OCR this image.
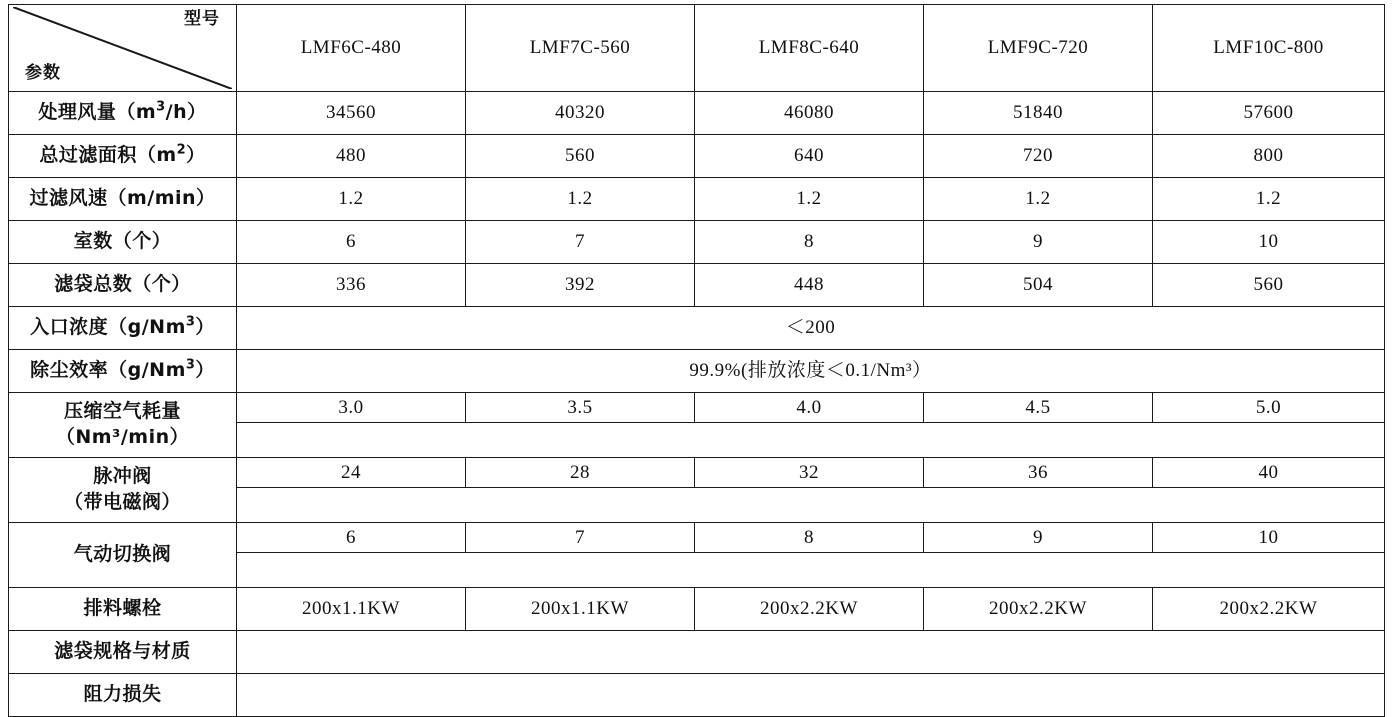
型号
参数	LMF6C-480	LMF7C-560	LMF8C-640	LMF9C-720	LMF10C-800
处理风量$(m^3/h)$	34560	40320	46080	51840	57600
总过滤面积$(m^2)$	480	560	640	720	800
过滤风速（m/min）	1.2	1.2	1.2	1.2	1.2
室数（个）	6	7	8	9	10
滤袋总数（个）	336	392	448	504	560
入口浓度$(g/Nm^3)$	＜200				
除尘效率（g/Nm$^3$）	99.9%(排放浓度＜0.1/Nm³）				

压缩空气耗量
（Nm³/min）	3.0	3.5	4.0	4.5	5.0

脉冲阀
（带电磁阀）	24	28	32	36	40

气动切换阀	6	7	8	9	10

排料螺栓	200x1.1KW	200x1.1KW	200x2.2KW	200x2.2KW	200x2.2KW
滤袋规格与材质					
阻力损失					
